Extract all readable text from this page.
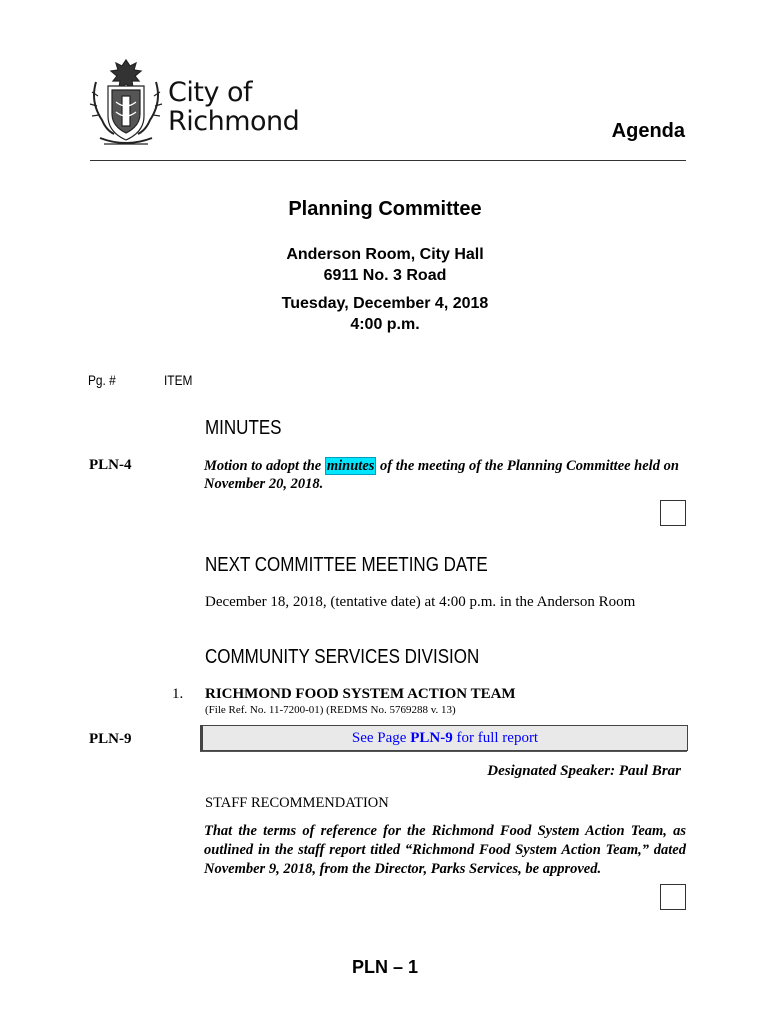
City of
Richmond	Agenda
Planning Committee
Anderson Room, City Hall
6911 No. 3 Road
Tuesday, December 4, 2018
4:00 p.m.
Pg. #	ITEM
MINUTES
PLN-4	Motion to adopt the minutes of the meeting of the Planning Committee held on November 20, 2018.
NEXT COMMITTEE MEETING DATE
December 18, 2018, (tentative date) at 4:00 p.m. in the Anderson Room
COMMUNITY SERVICES DIVISION
1. RICHMOND FOOD SYSTEM ACTION TEAM
(File Ref. No. 11-7200-01) (REDMS No. 5769288 v. 13)
PLN-9	See Page PLN-9 for full report
Designated Speaker: Paul Brar
STAFF RECOMMENDATION
That the terms of reference for the Richmond Food System Action Team, as outlined in the staff report titled “Richmond Food System Action Team,” dated November 9, 2018, from the Director, Parks Services, be approved.
PLN – 1
